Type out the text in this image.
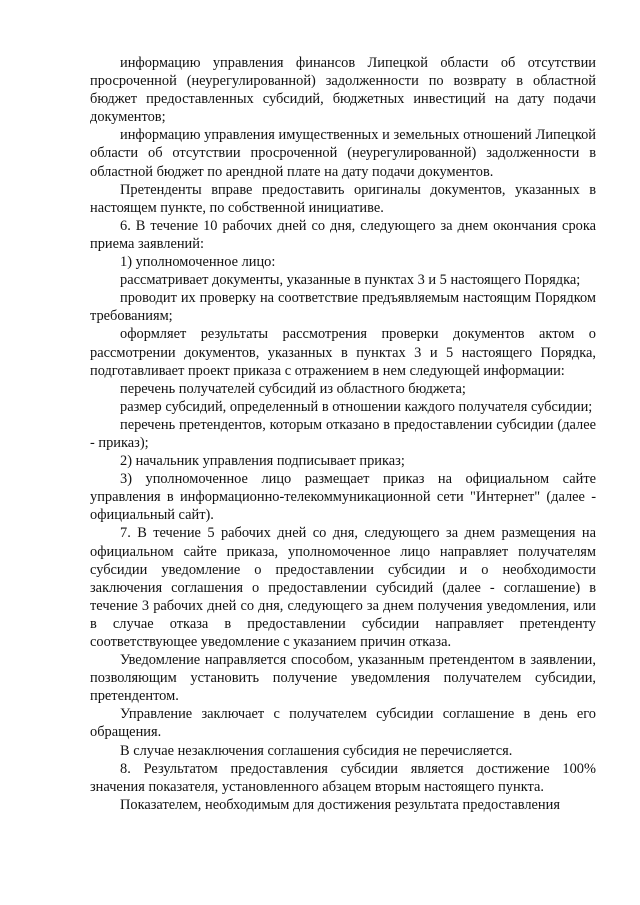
информацию управления финансов Липецкой области об отсутствии просроченной (неурегулированной) задолженности по возврату в областной бюджет предоставленных субсидий, бюджетных инвестиций на дату подачи документов;

информацию управления имущественных и земельных отношений Липецкой области об отсутствии просроченной (неурегулированной) задолженности в областной бюджет по арендной плате на дату подачи документов.

Претенденты вправе предоставить оригиналы документов, указанных в настоящем пункте, по собственной инициативе.

6. В течение 10 рабочих дней со дня, следующего за днем окончания срока приема заявлений:

1) уполномоченное лицо:

рассматривает документы, указанные в пунктах 3 и 5 настоящего Порядка;

проводит их проверку на соответствие предъявляемым настоящим Порядком требованиям;

оформляет результаты рассмотрения проверки документов актом о рассмотрении документов, указанных в пунктах 3 и 5 настоящего Порядка, подготавливает проект приказа с отражением в нем следующей информации:

перечень получателей субсидий из областного бюджета;

размер субсидий, определенный в отношении каждого получателя субсидии;

перечень претендентов, которым отказано в предоставлении субсидии (далее - приказ);

2) начальник управления подписывает приказ;

3) уполномоченное лицо размещает приказ на официальном сайте управления в информационно-телекоммуникационной сети "Интернет" (далее - официальный сайт).

7. В течение 5 рабочих дней со дня, следующего за днем размещения на официальном сайте приказа, уполномоченное лицо направляет получателям субсидии уведомление о предоставлении субсидии и о необходимости заключения соглашения о предоставлении субсидий (далее - соглашение) в течение 3 рабочих дней со дня, следующего за днем получения уведомления, или в случае отказа в предоставлении субсидии направляет претенденту соответствующее уведомление с указанием причин отказа.

Уведомление направляется способом, указанным претендентом в заявлении, позволяющим установить получение уведомления получателем субсидии, претендентом.

Управление заключает с получателем субсидии соглашение в день его обращения.

В случае незаключения соглашения субсидия не перечисляется.

8. Результатом предоставления субсидии является достижение 100% значения показателя, установленного абзацем вторым настоящего пункта.

Показателем, необходимым для достижения результата предоставления
